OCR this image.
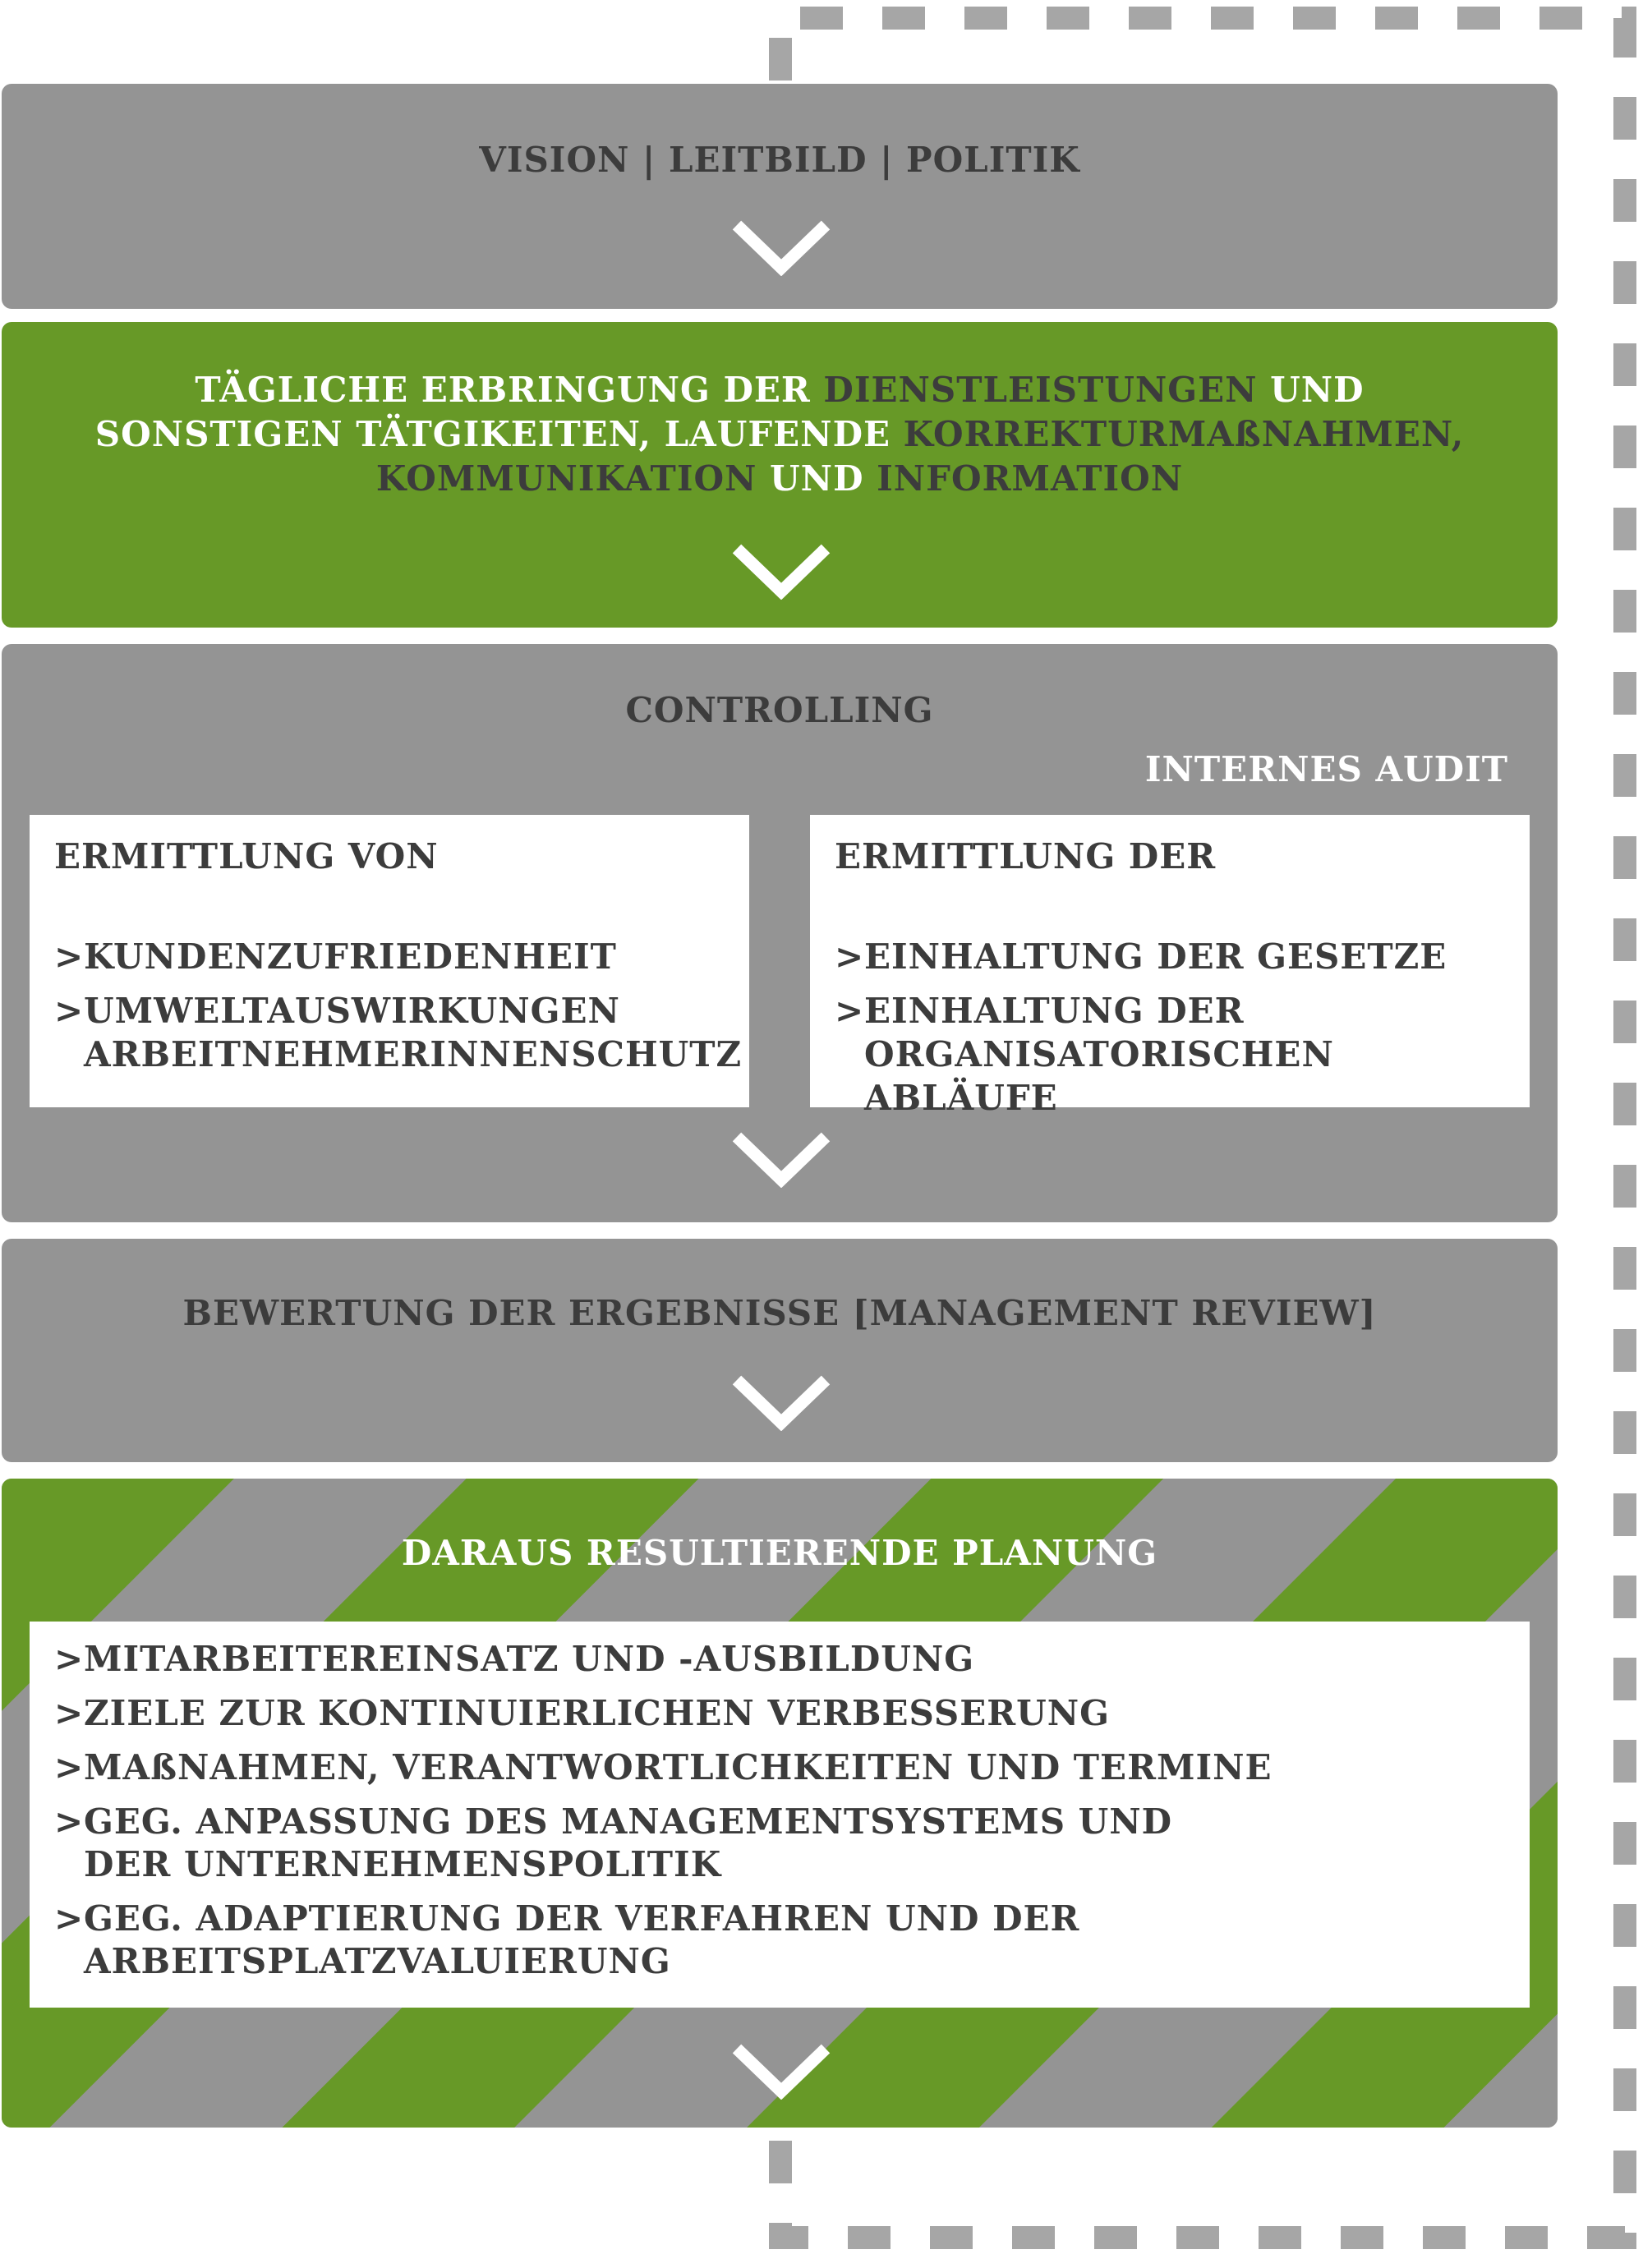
VISION | LEITBILD | POLITIK
TÄGLICHE ERBRINGUNG DER DIENSTLEISTUNGEN UND
SONSTIGEN TÄTGIKEITEN, LAUFENDE KORREKTURMAßNAHMEN,
KOMMUNIKATION UND INFORMATION
CONTROLLING
INTERNES AUDIT
ERMITTLUNG VON
>KUNDENZUFRIEDENHEIT
>UMWELTAUSWIRKUNGEN ARBEITNEHMERINNENSCHUTZ
ERMITTLUNG DER
>EINHALTUNG DER GESETZE
>EINHALTUNG DER ORGANISATORISCHEN ABLÄUFE
BEWERTUNG DER ERGEBNISSE [MANAGEMENT REVIEW]
DARAUS RESULTIERENDE PLANUNG
>MITARBEITEREINSATZ UND -AUSBILDUNG
>ZIELE ZUR KONTINUIERLICHEN VERBESSERUNG
>MAßNAHMEN, VERANTWORTLICHKEITEN UND TERMINE
>GEG. ANPASSUNG DES MANAGEMENTSYSTEMS UND DER UNTERNEHMENSPOLITIK
>GEG. ADAPTIERUNG DER VERFAHREN UND DER ARBEITSPLATZVALUIERUNG
